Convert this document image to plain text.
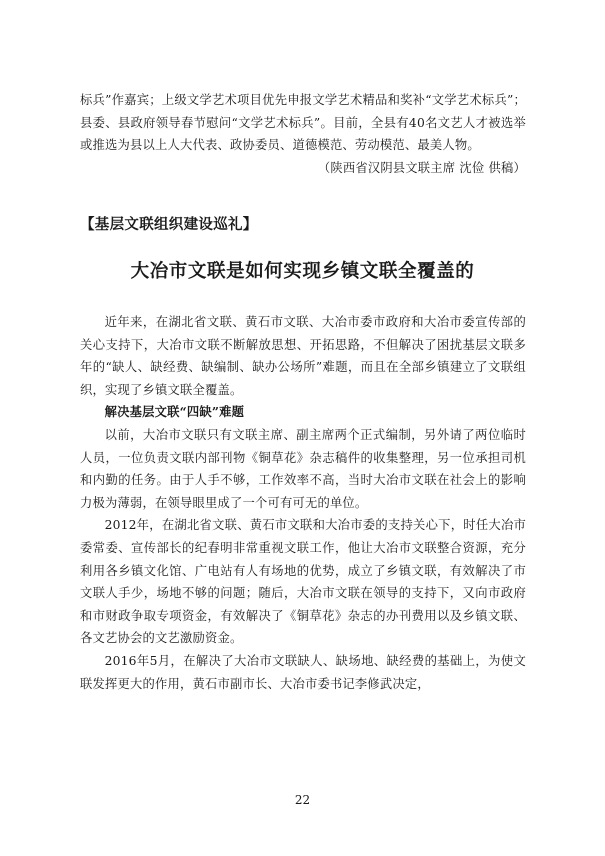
标兵”作嘉宾；上级文学艺术项目优先申报文学艺术精品和奖补“文学艺术标兵”；县委、县政府领导春节慰问“文学艺术标兵”。目前，全县有40名文艺人才被选举或推选为县以上人大代表、政协委员、道德模范、劳动模范、最美人物。

（陕西省汉阴县文联主席 沈俭 供稿）

【基层文联组织建设巡礼】
大冶市文联是如何实现乡镇文联全覆盖的

近年来，在湖北省文联、黄石市文联、大冶市委市政府和大冶市委宣传部的关心支持下，大冶市文联不断解放思想、开拓思路，不但解决了困扰基层文联多年的“缺人、缺经费、缺编制、缺办公场所”难题，而且在全部乡镇建立了文联组织，实现了乡镇文联全覆盖。

解决基层文联“四缺”难题

以前，大冶市文联只有文联主席、副主席两个正式编制，另外请了两位临时人员，一位负责文联内部刊物《铜草花》杂志稿件的收集整理，另一位承担司机和内勤的任务。由于人手不够，工作效率不高，当时大冶市文联在社会上的影响力极为薄弱，在领导眼里成了一个可有可无的单位。

2012年，在湖北省文联、黄石市文联和大冶市委的支持关心下，时任大冶市委常委、宣传部长的纪春明非常重视文联工作，他让大冶市文联整合资源，充分利用各乡镇文化馆、广电站有人有场地的优势，成立了乡镇文联，有效解决了市文联人手少，场地不够的问题；随后，大冶市文联在领导的支持下，又向市政府和市财政争取专项资金，有效解决了《铜草花》杂志的办刊费用以及乡镇文联、各文艺协会的文艺激励资金。

2016年5月，在解决了大冶市文联缺人、缺场地、缺经费的基础上，为使文联发挥更大的作用，黄石市副市长、大冶市委书记李修武决定，

22
